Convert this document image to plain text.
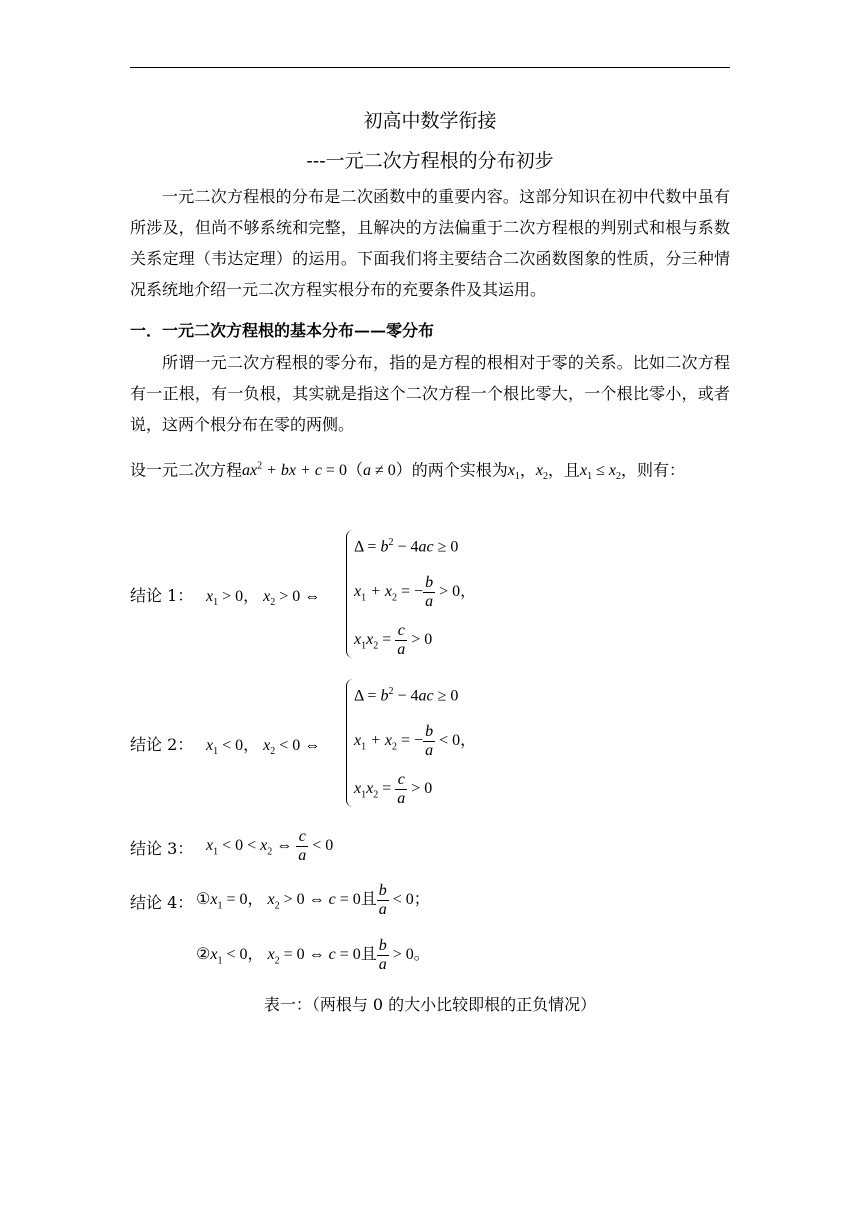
初高中数学衔接
---一元二次方程根的分布初步
一元二次方程根的分布是二次函数中的重要内容。这部分知识在初中代数中虽有所涉及，但尚不够系统和完整，且解决的方法偏重于二次方程根的判别式和根与系数关系定理（韦达定理）的运用。下面我们将主要结合二次函数图象的性质，分三种情况系统地介绍一元二次方程实根分布的充要条件及其运用。
一．一元二次方程根的基本分布——零分布
所谓一元二次方程根的零分布，指的是方程的根相对于零的关系。比如二次方程有一正根，有一负根，其实就是指这个二次方程一个根比零大，一个根比零小，或者说，这两个根分布在零的两侧。
设一元二次方程$ax^2$ + bx + c = 0（a ≠ 0）的两个实根为$x_1$，$x_2$，且$x_1 \le x_2$，则有：
结论 1： $x_1 > 0$， $x_2 > 0$ ⇔
$\Delta = b^2 - 4ac \ge 0$
$x_1 + x_2$ = − $\frac{b}{a} > 0$，
$x_1x_2 = \frac{c}{a} > 0$
结论 2： $x_1 < 0$， $x_2 < 0$ ⇔
$\Delta = b^2 - 4ac \ge 0$
$x_1 + x_2$ = − $\frac{b}{a} < 0$，
$x_1x_2 = \frac{c}{a} > 0$
结论 3： $x_1 < 0 < x_2$ ⇔ $\frac{c}{a} < 0$
结论 4： $①x_1 = 0$， $x_2 > 0$ ⇔ c = 0且 $\frac{b}{a} < 0$；
$②x_1 < 0$， $x_2 = 0$ ⇔ c = 0且 $\frac{b}{a} > 0$。
表一：（两根与 0 的大小比较即根的正负情况）
